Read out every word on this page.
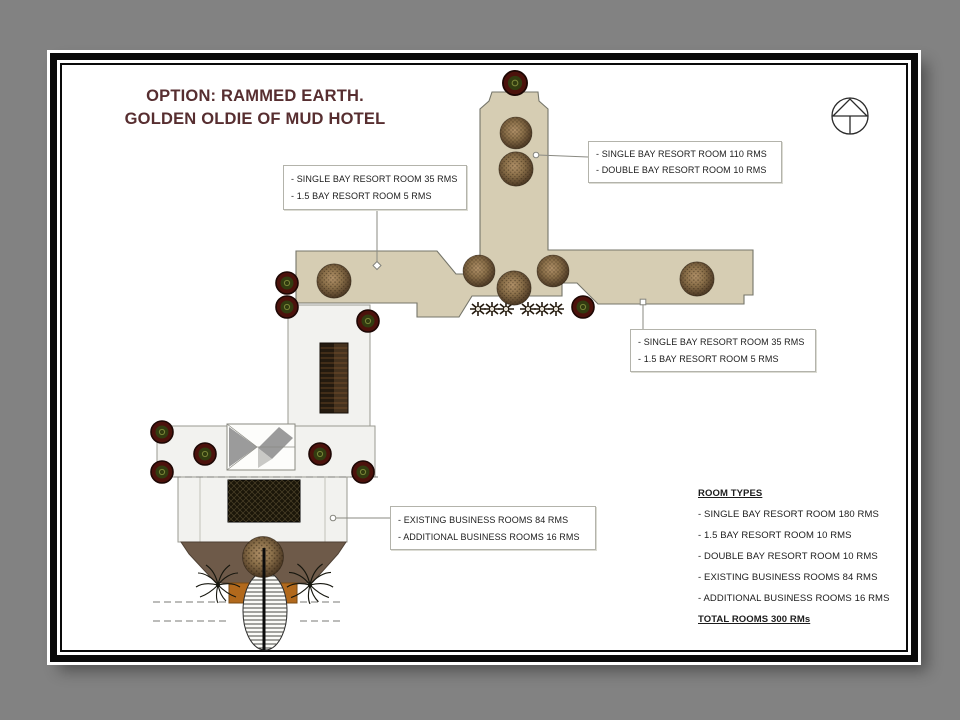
OPTION: RAMMED EARTH.
GOLDEN OLDIE OF MUD HOTEL
- SINGLE BAY RESORT ROOM 35 RMS
- 1.5 BAY RESORT ROOM 5 RMS
- SINGLE BAY RESORT ROOM 110 RMS
- DOUBLE BAY RESORT ROOM 10 RMS
- SINGLE BAY RESORT ROOM 35 RMS
- 1.5 BAY RESORT ROOM 5 RMS
- EXISTING BUSINESS ROOMS 84 RMS
- ADDITIONAL BUSINESS ROOMS 16 RMS
ROOM TYPES
- SINGLE BAY RESORT ROOM 180 RMS
- 1.5 BAY RESORT ROOM 10 RMS
- DOUBLE BAY RESORT ROOM 10 RMS
- EXISTING BUSINESS ROOMS 84 RMS
- ADDITIONAL BUSINESS ROOMS 16 RMS
TOTAL ROOMS 300 RMs
